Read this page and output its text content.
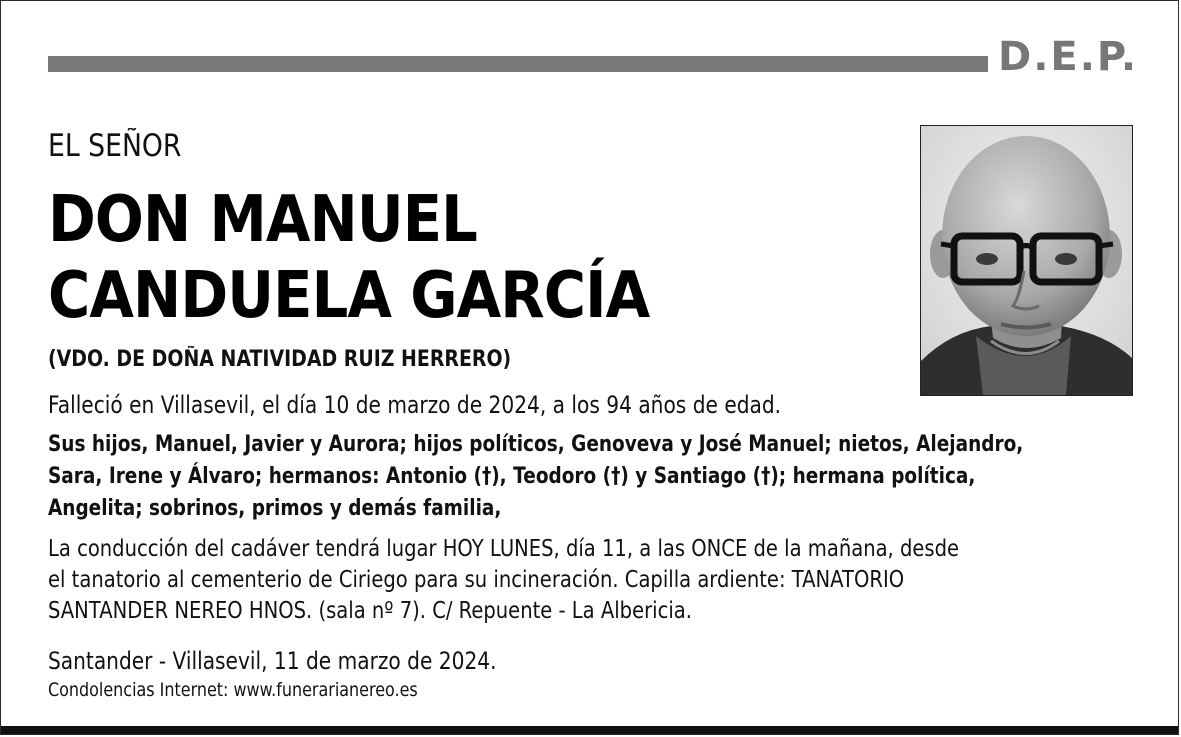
D.E.P.
EL SEÑOR
DON MANUEL
CANDUELA GARCÍA
(VDO. DE DOÑA NATIVIDAD RUIZ HERRERO)
Falleció en Villasevil, el día 10 de marzo de 2024, a los 94 años de edad.
Sus hijos, Manuel, Javier y Aurora; hijos políticos, Genoveva y José Manuel; nietos, Alejandro,
Sara, Irene y Álvaro; hermanos: Antonio (†), Teodoro (†) y Santiago (†); hermana política,
Angelita; sobrinos, primos y demás familia,
La conducción del cadáver tendrá lugar HOY LUNES, día 11, a las ONCE de la mañana, desde
el tanatorio al cementerio de Ciriego para su incineración. Capilla ardiente: TANATORIO
SANTANDER NEREO HNOS. (sala nº 7). C/ Repuente - La Albericia.
Santander - Villasevil, 11 de marzo de 2024.
Condolencias Internet: www.funerarianereo.es
